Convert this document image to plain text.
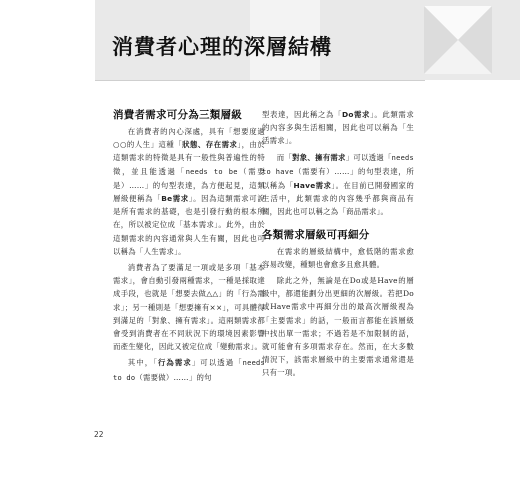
消費者心理的深層結構
消費者需求可分為三類層級

在消費者的內心深處，具有「想要度過○○的人生」這種「狀態、存在需求」，由於這類需求的特徵是具有一般性與普遍性的特徵，並且能透過「needs to be（需要是）……」的句型表達，為方便起見，這類層級便稱為「Be需求」。因為這類需求可說是所有需求的基礎，也是引發行動的根本所在，所以被定位成「基本需求」。此外，由於這類需求的內容通常與人生有關，因此也可以稱為「人生需求」。

消費者為了要滿足一項或是多項「基本需求」，會自動引發兩種需求，一種是採取達成手段，也就是「想要去做△△」的「行為需求」；另一種則是「想要擁有××」，可具體得到滿足的「對象、擁有需求」。這兩類需求都會受到消費者在不同狀況下的環境因素影響而產生變化，因此又被定位成「變動需求」。

其中，「行為需求」可以透過「needs to do（需要做）……」的句

型表達，因此稱之為「Do需求」。此類需求的內容多與生活相關，因此也可以稱為「生活需求」。

而「對象、擁有需求」可以透過「needs to have（需要有）……」的句型表達，所以稱為「Have需求」。在目前已開發國家的生活中，此類需求的內容幾乎都與商品有關，因此也可以稱之為「商品需求」。

各類需求層級可再細分

在需求的層級結構中，愈低階的需求愈容易改變，種類也會愈多且愈具體。

除此之外，無論是在Do或是Have的層級中，都還能劃分出更細的次層級。若把Do或Have需求中再細分出的最高次層級視為「主要需求」的話，一般而言都能在該層級中找出單一需求；不過若是不加限制的話，就可能會有多項需求存在。然而，在大多數情況下，該需求層級中的主要需求通常還是只有一項。

22
